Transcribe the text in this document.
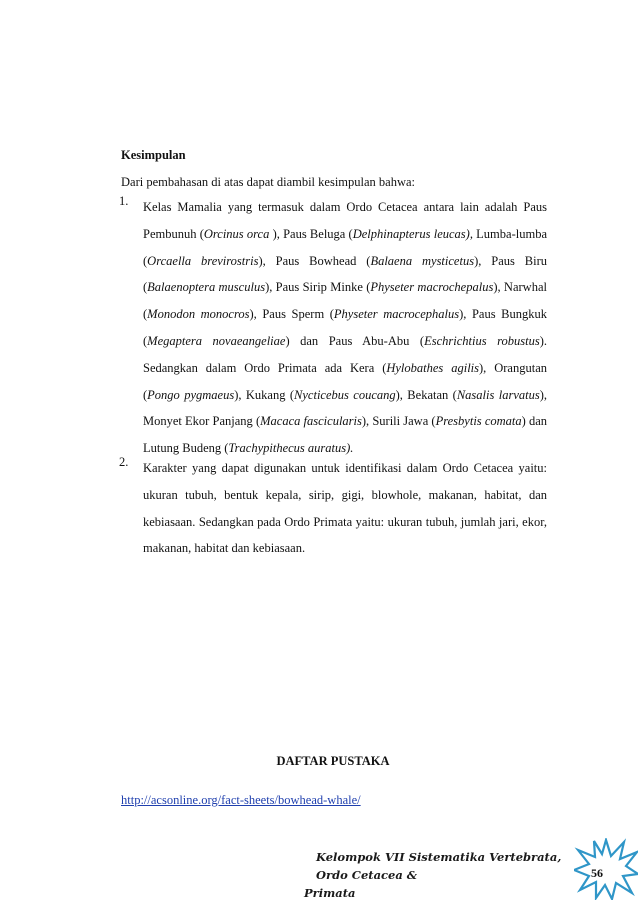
Kesimpulan
Dari pembahasan di atas dapat diambil kesimpulan bahwa:
1. Kelas Mamalia yang termasuk dalam Ordo Cetacea antara lain adalah Paus Pembunuh (Orcinus orca ), Paus Beluga (Delphinapterus leucas), Lumba-lumba (Orcaella brevirostris), Paus Bowhead (Balaena mysticetus), Paus Biru (Balaenoptera musculus), Paus Sirip Minke (Physeter macrochepalus), Narwhal (Monodon monocros), Paus Sperm (Physeter macrocephalus), Paus Bungkuk (Megaptera novaeangeliae) dan Paus Abu-Abu (Eschrichtius robustus). Sedangkan dalam Ordo Primata ada Kera (Hylobathes agilis), Orangutan (Pongo pygmaeus), Kukang (Nycticebus coucang), Bekatan (Nasalis larvatus), Monyet Ekor Panjang (Macaca fascicularis), Surili Jawa (Presbytis comata) dan Lutung Budeng (Trachypithecus auratus).
2. Karakter yang dapat digunakan untuk identifikasi dalam Ordo Cetacea yaitu: ukuran tubuh, bentuk kepala, sirip, gigi, blowhole, makanan, habitat, dan kebiasaan. Sedangkan pada Ordo Primata yaitu: ukuran tubuh, jumlah jari, ekor, makanan, habitat dan kebiasaan.
DAFTAR PUSTAKA
http://acsonline.org/fact-sheets/bowhead-whale/
Kelompok VII Sistematika Vertebrata, Ordo Cetacea &
Primata
56
